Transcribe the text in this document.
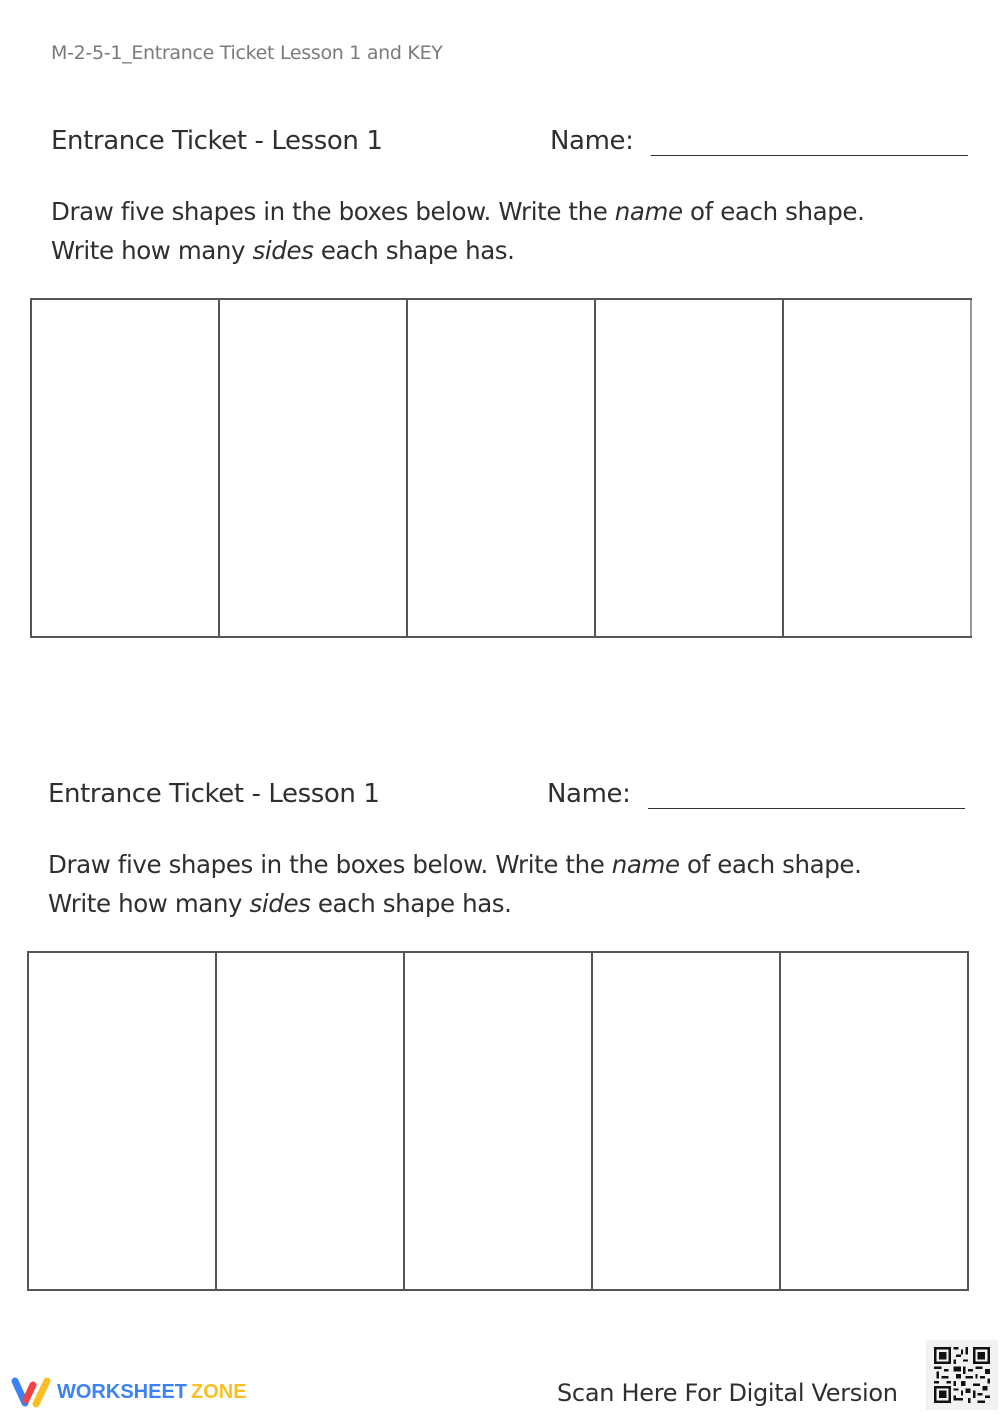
M-2-5-1_Entrance Ticket Lesson 1 and KEY
Entrance Ticket - Lesson 1	Name:
Draw five shapes in the boxes below. Write the name of each shape.
Write how many sides each shape has.
Entrance Ticket - Lesson 1	Name:
Draw five shapes in the boxes below. Write the name of each shape.
Write how many sides each shape has.
WORKSHEET ZONE	Scan Here For Digital Version
